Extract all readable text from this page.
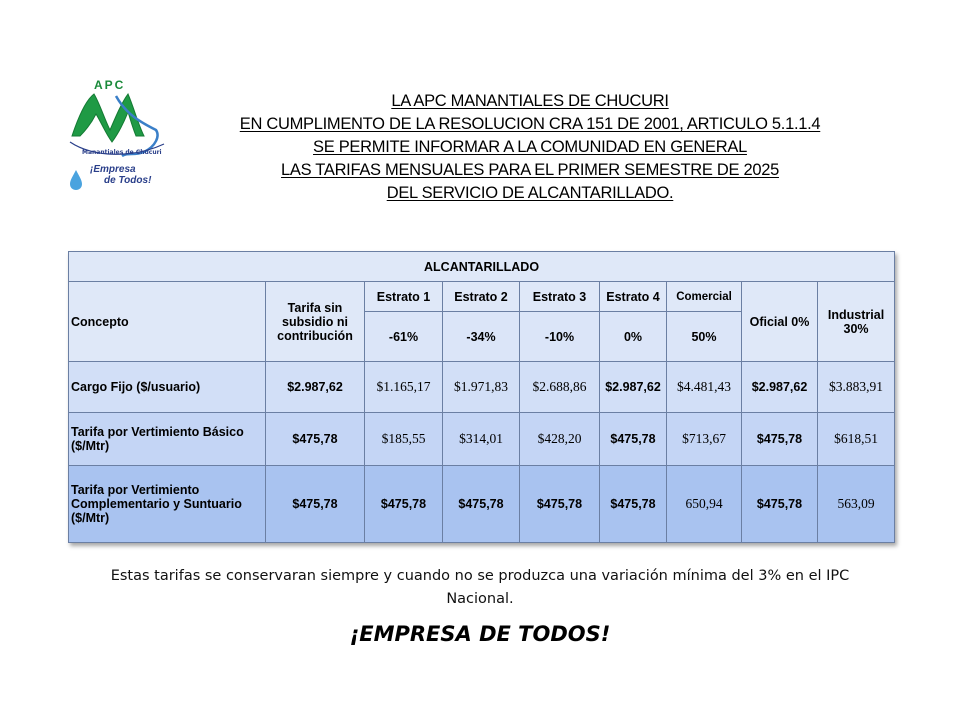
Manantiales de Chucuri
APC
¡Empresa
de Todos!
LA APC MANANTIALES DE CHUCURI
EN CUMPLIMENTO DE LA RESOLUCION CRA 151 DE 2001, ARTICULO 5.1.1.4
SE PERMITE INFORMAR A LA COMUNIDAD EN GENERAL
LAS TARIFAS MENSUALES PARA EL PRIMER SEMESTRE DE 2025
DEL SERVICIO DE ALCANTARILLADO.
ALCANTARILLADO								
Concepto	Tarifa sin subsidio ni contribución	Estrato 1	Estrato 2	Estrato 3	Estrato 4	Comercial	Oficial 0%	Industrial 30%
		-61%	-34%	-10%	0%	50%		
Cargo Fijo ($/usuario)	$2.987,62	$1.165,17	$1.971,83	$2.688,86	$2.987,62	$4.481,43	$2.987,62	$3.883,91
Tarifa por Vertimiento Básico ($/Mtr)	$475,78	$185,55	$314,01	$428,20	$475,78	$713,67	$475,78	$618,51
Tarifa por Vertimiento Complementario y Suntuario ($/Mtr)	$475,78	$475,78	$475,78	$475,78	$475,78	650,94	$475,78	563,09
Estas tarifas se conservaran siempre y cuando no se produzca una variación mínima del 3% en el IPC Nacional.
¡EMPRESA DE TODOS!
